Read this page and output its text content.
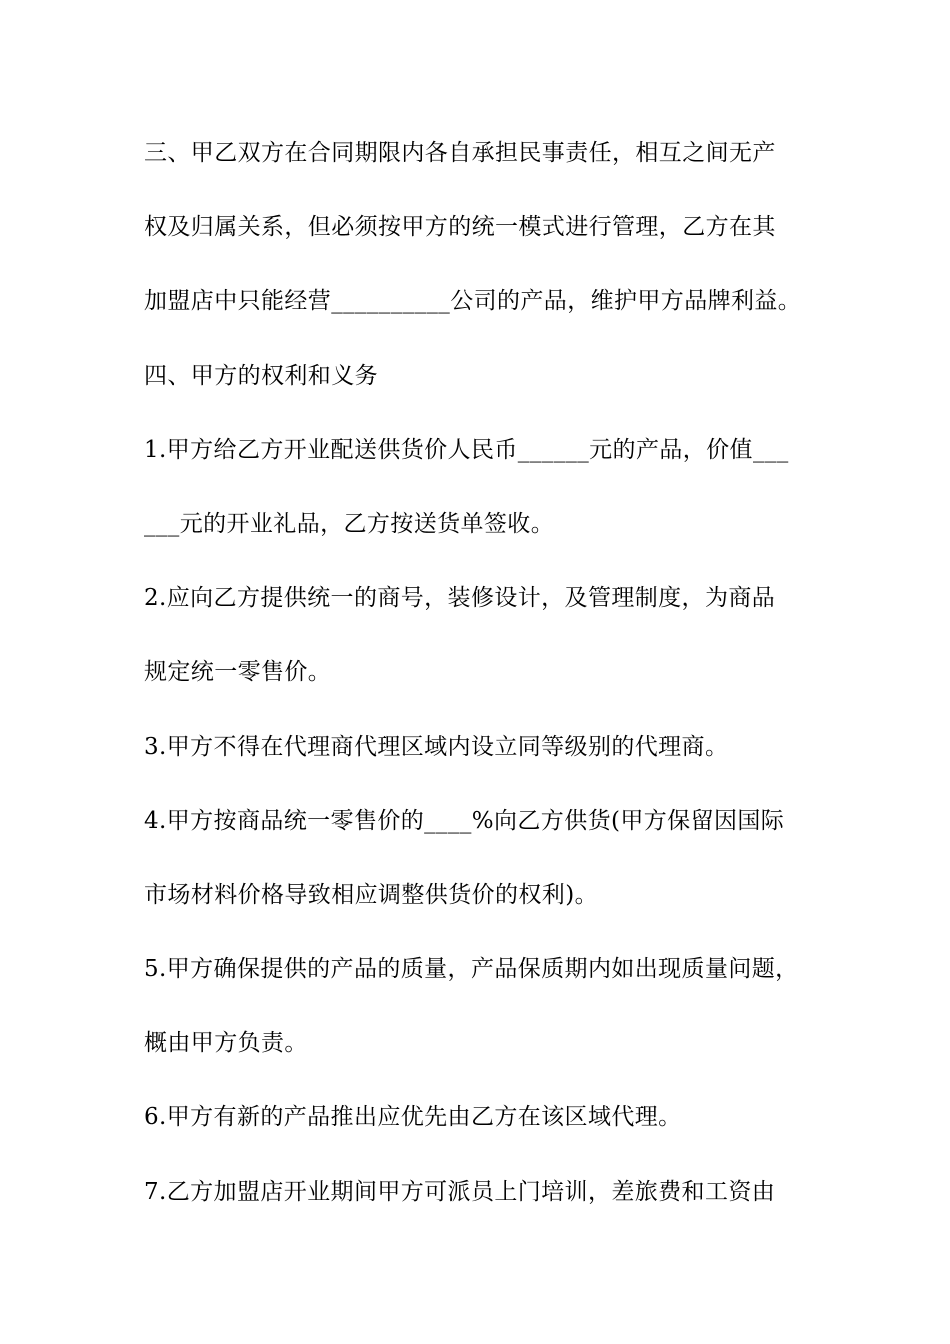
三、甲乙双方在合同期限内各自承担民事责任，相互之间无产
权及归属关系，但必须按甲方的统一模式进行管理，乙方在其
加盟店中只能经营__________公司的产品，维护甲方品牌利益。
四、甲方的权利和义务
1.甲方给乙方开业配送供货价人民币______元的产品，价值___
___元的开业礼品，乙方按送货单签收。
2.应向乙方提供统一的商号，装修设计，及管理制度，为商品
规定统一零售价。
3.甲方不得在代理商代理区域内设立同等级别的代理商。
4.甲方按商品统一零售价的____%向乙方供货(甲方保留因国际
市场材料价格导致相应调整供货价的权利)。
5.甲方确保提供的产品的质量，产品保质期内如出现质量问题，
概由甲方负责。
6.甲方有新的产品推出应优先由乙方在该区域代理。
7.乙方加盟店开业期间甲方可派员上门培训，差旅费和工资由
